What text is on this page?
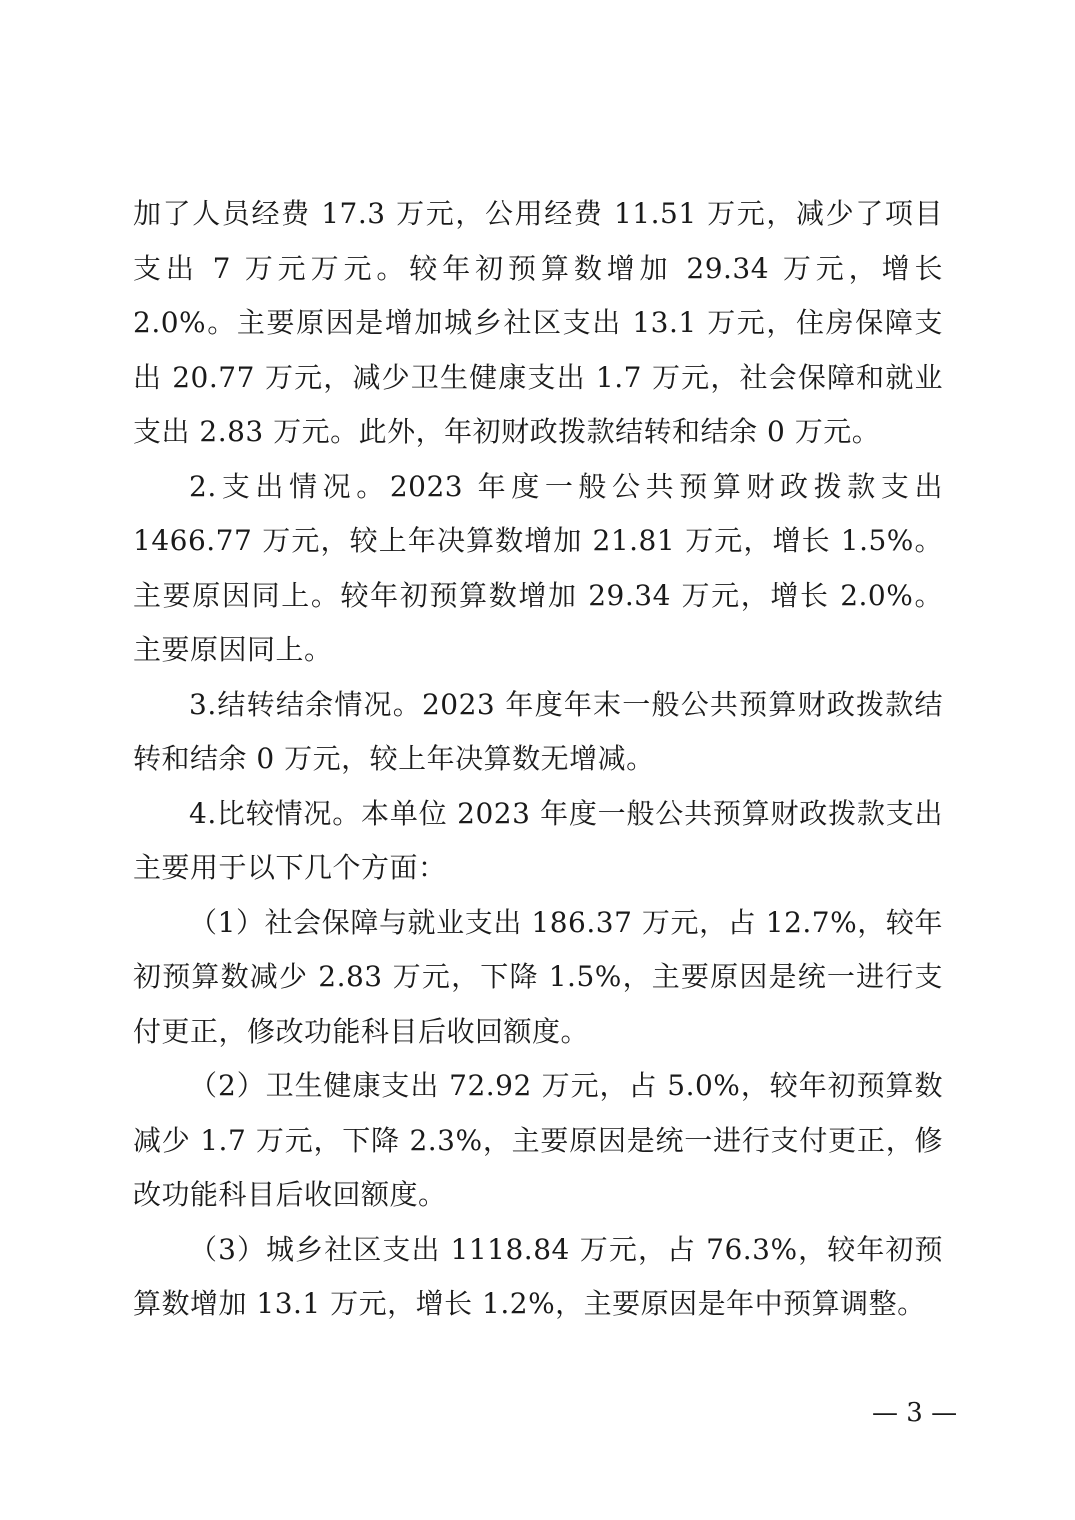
加了人员经费 17.3 万元，公用经费 11.51 万元，减少了项目支出 7 万元万元。较年初预算数增加 29.34 万元，增长 2.0%。主要原因是增加城乡社区支出 13.1 万元，住房保障支出 20.77 万元，减少卫生健康支出 1.7 万元，社会保障和就业支出 2.83 万元。此外，年初财政拨款结转和结余 0 万元。

2.支出情况。2023 年度一般公共预算财政拨款支出 1466.77 万元，较上年决算数增加 21.81 万元，增长 1.5%。主要原因同上。较年初预算数增加 29.34 万元，增长 2.0%。主要原因同上。

3.结转结余情况。2023 年度年末一般公共预算财政拨款结转和结余 0 万元，较上年决算数无增减。

4.比较情况。本单位 2023 年度一般公共预算财政拨款支出主要用于以下几个方面：

（1）社会保障与就业支出 186.37 万元，占 12.7%，较年初预算数减少 2.83 万元，下降 1.5%，主要原因是统一进行支付更正，修改功能科目后收回额度。

（2）卫生健康支出 72.92 万元，占 5.0%，较年初预算数减少 1.7 万元，下降 2.3%，主要原因是统一进行支付更正，修改功能科目后收回额度。

（3）城乡社区支出 1118.84 万元，占 76.3%，较年初预算数增加 13.1 万元，增长 1.2%，主要原因是年中预算调整。

— 3 —
